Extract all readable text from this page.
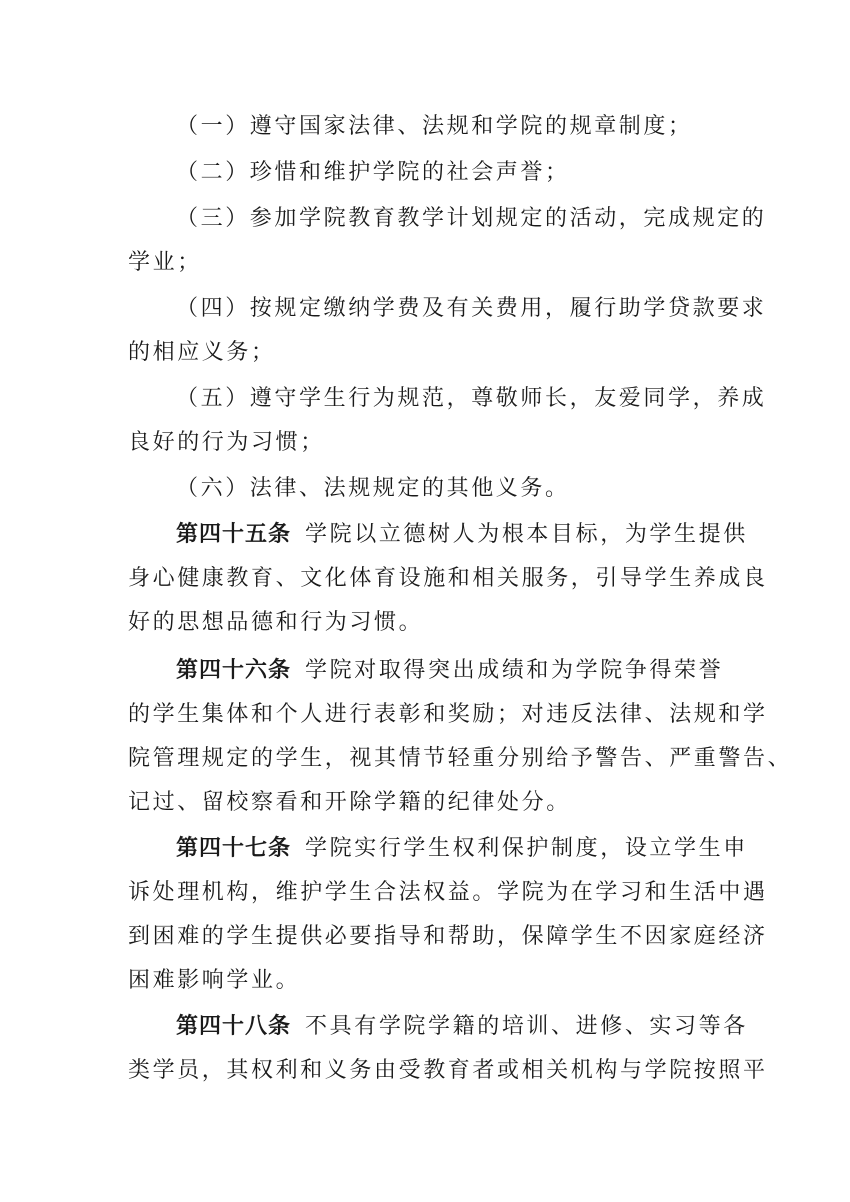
（一）遵守国家法律、法规和学院的规章制度；
（二）珍惜和维护学院的社会声誉；
（三）参加学院教育教学计划规定的活动，完成规定的
学业；
（四）按规定缴纳学费及有关费用，履行助学贷款要求
的相应义务；
（五）遵守学生行为规范，尊敬师长，友爱同学，养成
良好的行为习惯；
（六）法律、法规规定的其他义务。
第四十五条 学院以立德树人为根本目标，为学生提供
身心健康教育、文化体育设施和相关服务，引导学生养成良
好的思想品德和行为习惯。
第四十六条 学院对取得突出成绩和为学院争得荣誉
的学生集体和个人进行表彰和奖励；对违反法律、法规和学
院管理规定的学生，视其情节轻重分别给予警告、严重警告、
记过、留校察看和开除学籍的纪律处分。
第四十七条 学院实行学生权利保护制度，设立学生申
诉处理机构，维护学生合法权益。学院为在学习和生活中遇
到困难的学生提供必要指导和帮助，保障学生不因家庭经济
困难影响学业。
第四十八条 不具有学院学籍的培训、进修、实习等各
类学员，其权利和义务由受教育者或相关机构与学院按照平
